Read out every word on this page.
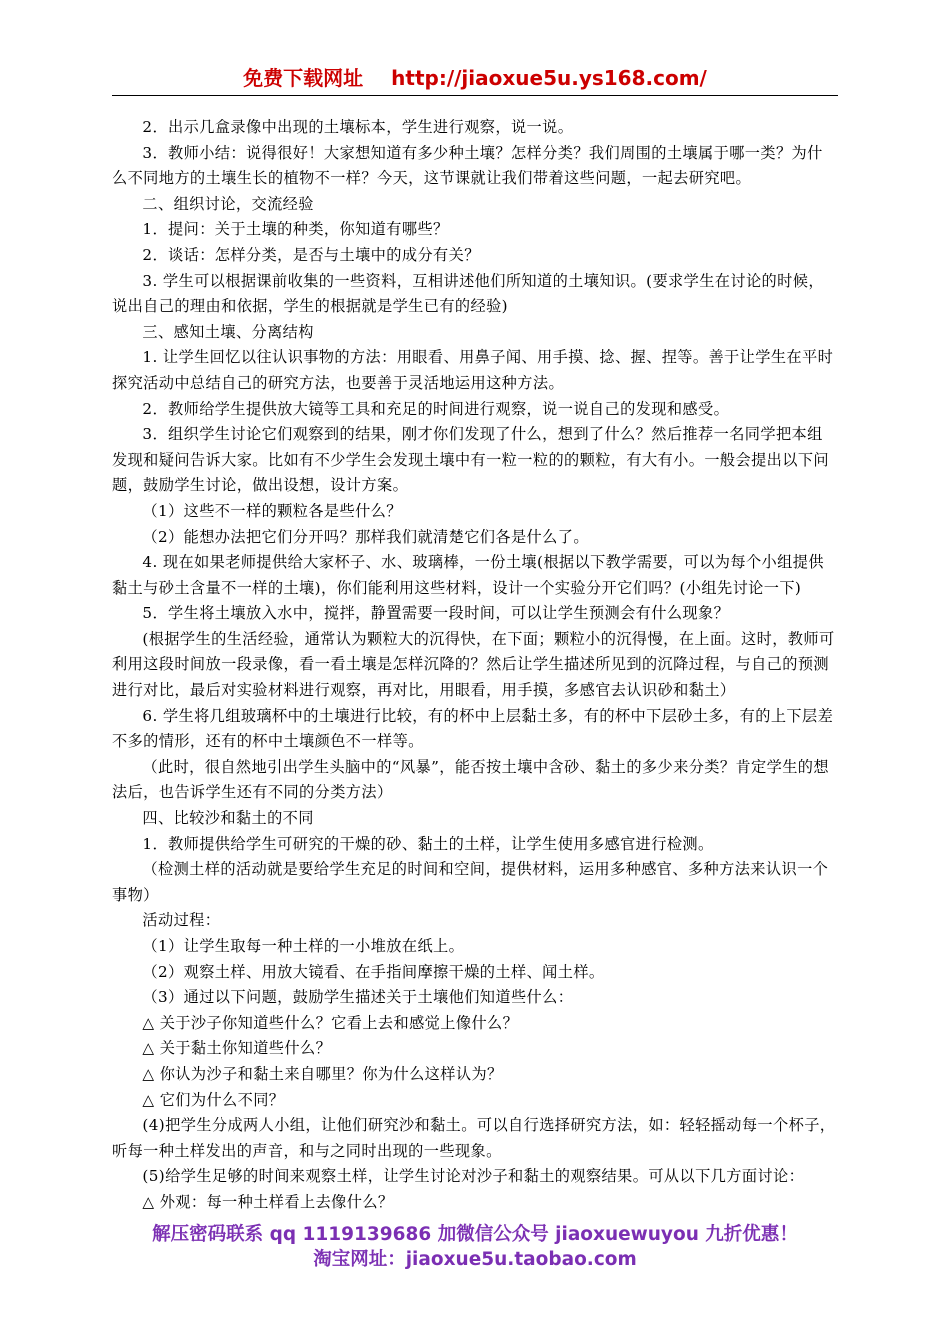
免费下载网址 http://jiaoxue5u.ys168.com/

2．出示几盒录像中出现的土壤标本，学生进行观察，说一说。

3．教师小结：说得很好！大家想知道有多少种土壤？怎样分类？我们周围的土壤属于哪一类？为什么不同地方的土壤生长的植物不一样？今天，这节课就让我们带着这些问题，一起去研究吧。

二、组织讨论，交流经验

1．提问：关于土壤的种类，你知道有哪些？

2．谈话：怎样分类，是否与土壤中的成分有关？

3. 学生可以根据课前收集的一些资料，互相讲述他们所知道的土壤知识。(要求学生在讨论的时候，说出自己的理由和依据，学生的根据就是学生已有的经验)

三、感知土壤、分离结构

1. 让学生回忆以往认识事物的方法：用眼看、用鼻子闻、用手摸、捻、握、捏等。善于让学生在平时探究活动中总结自己的研究方法，也要善于灵活地运用这种方法。

2．教师给学生提供放大镜等工具和充足的时间进行观察，说一说自己的发现和感受。

3．组织学生讨论它们观察到的结果，刚才你们发现了什么，想到了什么？然后推荐一名同学把本组发现和疑问告诉大家。比如有不少学生会发现土壤中有一粒一粒的的颗粒，有大有小。一般会提出以下问题，鼓励学生讨论，做出设想，设计方案。

（1）这些不一样的颗粒各是些什么？

（2）能想办法把它们分开吗？那样我们就清楚它们各是什么了。

4. 现在如果老师提供给大家杯子、水、玻璃棒，一份土壤(根据以下教学需要，可以为每个小组提供黏土与砂土含量不一样的土壤)，你们能利用这些材料，设计一个实验分开它们吗？(小组先讨论一下)

5．学生将土壤放入水中，搅拌，静置需要一段时间，可以让学生预测会有什么现象？

(根据学生的生活经验，通常认为颗粒大的沉得快，在下面；颗粒小的沉得慢，在上面。这时，教师可利用这段时间放一段录像，看一看土壤是怎样沉降的？然后让学生描述所见到的沉降过程，与自己的预测进行对比，最后对实验材料进行观察，再对比，用眼看，用手摸，多感官去认识砂和黏土）

6. 学生将几组玻璃杯中的土壤进行比较，有的杯中上层黏土多，有的杯中下层砂土多，有的上下层差不多的情形，还有的杯中土壤颜色不一样等。

（此时，很自然地引出学生头脑中的“风暴”，能否按土壤中含砂、黏土的多少来分类？肯定学生的想法后，也告诉学生还有不同的分类方法）

四、比较沙和黏土的不同

1．教师提供给学生可研究的干燥的砂、黏土的土样，让学生使用多感官进行检测。

（检测土样的活动就是要给学生充足的时间和空间，提供材料，运用多种感官、多种方法来认识一个事物）

活动过程：

（1）让学生取每一种土样的一小堆放在纸上。

（2）观察土样、用放大镜看、在手指间摩擦干燥的土样、闻土样。

（3）通过以下问题，鼓励学生描述关于土壤他们知道些什么：

△ 关于沙子你知道些什么？它看上去和感觉上像什么？

△ 关于黏土你知道些什么？

△ 你认为沙子和黏土来自哪里？你为什么这样认为？

△ 它们为什么不同？

(4)把学生分成两人小组，让他们研究沙和黏土。可以自行选择研究方法，如：轻轻摇动每一个杯子，听每一种土样发出的声音，和与之同时出现的一些现象。

(5)给学生足够的时间来观察土样，让学生讨论对沙子和黏土的观察结果。可从以下几方面讨论：

△ 外观：每一种土样看上去像什么？

解压密码联系 qq 1119139686 加微信公众号 jiaoxuewuyou 九折优惠！
淘宝网址：jiaoxue5u.taobao.com
